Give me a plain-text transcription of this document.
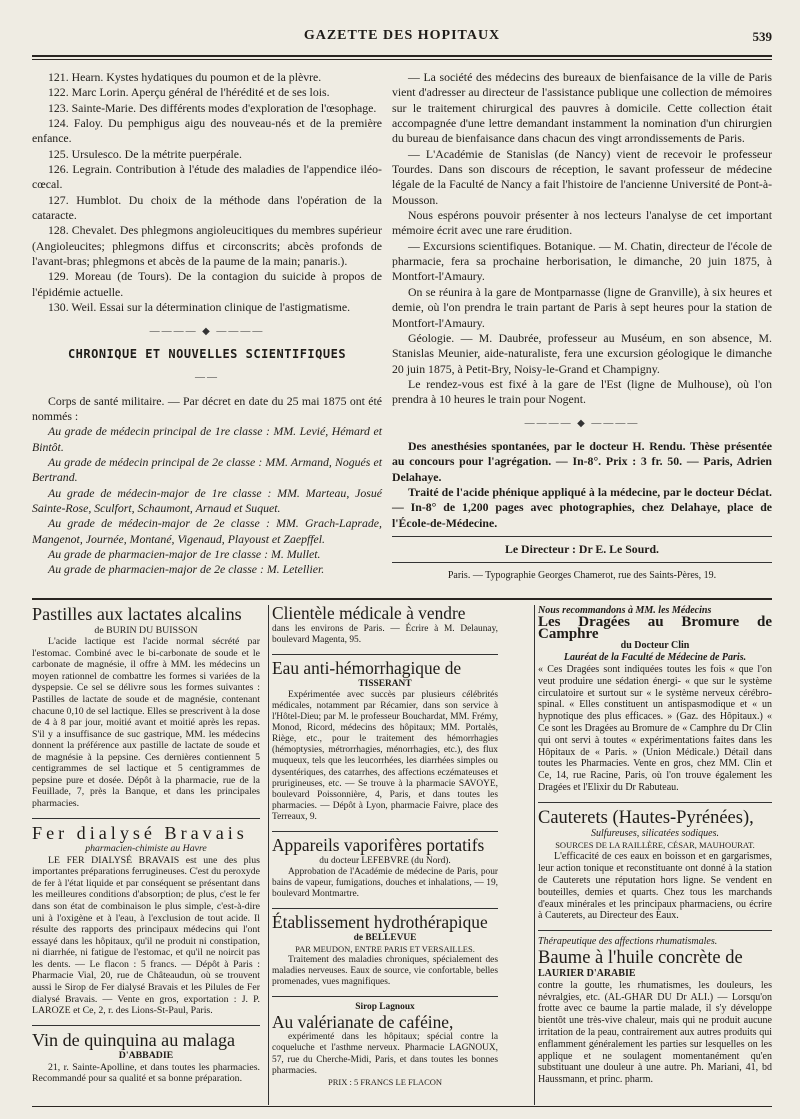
GAZETTE DES HOPITAUX	539

121. Hearn. Kystes hydatiques du poumon et de la plèvre.

122. Marc Lorin. Aperçu général de l'hérédité et de ses lois.

123. Sainte-Marie. Des différents modes d'exploration de l'œsophage.

124. Faloy. Du pemphigus aigu des nouveau-nés et de la première enfance.

125. Ursulesco. De la métrite puerpérale.

126. Legrain. Contribution à l'étude des maladies de l'appendice iléo-cœcal.

127. Humblot. Du choix de la méthode dans l'opération de la cataracte.

128. Chevalet. Des phlegmons angioleucitiques du membres supérieur (Angioleucites; phlegmons diffus et circonscrits; abcès profonds de l'avant-bras; phlegmons et abcès de la paume de la main; panaris.).

129. Moreau (de Tours). De la contagion du suicide à propos de l'épidémie actuelle.

130. Weil. Essai sur la détermination clinique de l'astigmatisme.

———— ◆ ————

CHRONIQUE ET NOUVELLES SCIENTIFIQUES

——

Corps de santé militaire. — Par décret en date du 25 mai 1875 ont été nommés :

Au grade de médecin principal de 1re classe : MM. Levié, Hémard et Bintôt.

Au grade de médecin principal de 2e classe : MM. Armand, Nogués et Bertrand.

Au grade de médecin-major de 1re classe : MM. Marteau, Josué Sainte-Rose, Sculfort, Schaumont, Arnaud et Suquet.

Au grade de médecin-major de 2e classe : MM. Grach-Laprade, Mangenot, Journée, Montané, Vigenaud, Playoust et Zaepffel.

Au grade de pharmacien-major de 1re classe : M. Mullet.

Au grade de pharmacien-major de 2e classe : M. Letellier.

— La société des médecins des bureaux de bienfaisance de la ville de Paris vient d'adresser au directeur de l'assistance publique une collection de mémoires sur le traitement chirurgical des pauvres à domicile. Cette collection était accompagnée d'une lettre demandant instamment la nomination d'un chirurgien du bureau de bienfaisance dans chacun des vingt arrondissements de Paris.

— L'Académie de Stanislas (de Nancy) vient de recevoir le professeur Tourdes. Dans son discours de réception, le savant professeur de médecine légale de la Faculté de Nancy a fait l'histoire de l'ancienne Université de Pont-à-Mousson.

Nous espérons pouvoir présenter à nos lecteurs l'analyse de cet important mémoire écrit avec une rare érudition.

— Excursions scientifiques. Botanique. — M. Chatin, directeur de l'école de pharmacie, fera sa prochaine herborisation, le dimanche, 20 juin 1875, à Montfort-l'Amaury.

On se réunira à la gare de Montparnasse (ligne de Granville), à six heures et demie, où l'on prendra le train partant de Paris à sept heures pour la station de Montfort-l'Amaury.

Géologie. — M. Daubrée, professeur au Muséum, en son absence, M. Stanislas Meunier, aide-naturaliste, fera une excursion géologique le dimanche 20 juin 1875, à Petit-Bry, Noisy-le-Grand et Champigny.

Le rendez-vous est fixé à la gare de l'Est (ligne de Mulhouse), où l'on prendra à 10 heures le train pour Nogent.

———— ◆ ————

Des anesthésies spontanées, par le docteur H. Rendu. Thèse présentée au concours pour l'agrégation. — In-8°. Prix : 3 fr. 50. — Paris, Adrien Delahaye.

Traité de l'acide phénique appliqué à la médecine, par le docteur Déclat. — In-8° de 1,200 pages avec photographies, chez Delahaye, place de l'École-de-Médecine.

Le Directeur : Dr E. Le Sourd.

Paris. — Typographie Georges Chamerot, rue des Saints-Pères, 19.

Pastilles aux lactates alcalins

de BURIN DU BUISSON

L'acide lactique est l'acide normal sécrété par l'estomac. Combiné avec le bi-carbonate de soude et le carbonate de magnésie, il offre à MM. les médecins un moyen rationnel de combattre les formes si variées de la dyspepsie. Ce sel se délivre sous les formes suivantes : Pastilles de lactate de soude et de magnésie, contenant chacune 0,10 de sel lactique. Elles se prescrivent à la dose de 4 à 8 par jour, moitié avant et moitié après les repas. S'il y a insuffisance de suc gastrique, MM. les médecins donnent la préférence aux pastille de lactate de soude et de magnésie à la pepsine. Ces dernières contiennent 5 centigrammes de sel lactique et 5 centigrammes de pepsine pure et dosée. Dépôt à la pharmacie, rue de la Feuillade, 7, près la Banque, et dans les principales pharmacies.

Fer dialysé Bravais

pharmacien-chimiste au Havre

LE FER DIALYSÉ BRAVAIS est une des plus importantes préparations ferrugineuses. C'est du peroxyde de fer à l'état liquide et par conséquent se présentant dans les meilleures conditions d'absorption; de plus, c'est le fer dans son état de combinaison le plus simple, c'est-à-dire uni à l'oxigène et à l'eau, à l'exclusion de tout acide. Il résulte des rapports des principaux médecins qui l'ont essayé dans les hôpitaux, qu'il ne produit ni constipation, ni diarrhée, ni fatigue de l'estomac, et qu'il ne noircit pas les dents. — Le flacon : 5 francs. — Dépôt à Paris : Pharmacie Vial, 20, rue de Châteaudun, où se trouvent aussi le Sirop de Fer dialysé Bravais et les Pilules de Fer dialysé Bravais. — Vente en gros, exportation : J. P. LAROZE et Ce, 2, r. des Lions-St-Paul, Paris.

Vin de quinquina au malaga

D'ABBADIE

21, r. Sainte-Apolline, et dans toutes les pharmacies. Recommandé pour sa qualité et sa bonne préparation.

Clientèle médicale à vendre

dans les environs de Paris. — Écrire à M. Delaunay, boulevard Magenta, 95.

Eau anti-hémorrhagique de

TISSERANT

Expérimentée avec succès par plusieurs célébrités médicales, notamment par Récamier, dans son service à l'Hôtel-Dieu; par M. le professeur Bouchardat, MM. Frémy, Monod, Ricord, médecins des hôpitaux; MM. Portalès, Riège, etc., pour le traitement des hémorrhagies (hémoptysies, métrorrhagies, ménorrhagies, etc.), des flux muqueux, tels que les leucorrhées, les diarrhées simples ou dysentériques, des catarrhes, des affections eczémateuses et prurigineuses, etc. — Se trouve à la pharmacie SAVOYE, boulevard Poissonnière, 4, Paris, et dans toutes les pharmacies. — Dépôt à Lyon, pharmacie Faivre, place des Terreaux, 9.

Appareils vaporifères portatifs

du docteur LEFEBVRE (du Nord).

Approbation de l'Académie de médecine de Paris, pour bains de vapeur, fumigations, douches et inhalations, — 19, boulevard Montmartre.

Établissement hydrothérapique

de BELLEVUE

PAR MEUDON, ENTRE PARIS ET VERSAILLES.

Traitement des maladies chroniques, spécialement des maladies nerveuses. Eaux de source, vie confortable, belles promenades, vues magnifiques.

Sirop Lagnoux

Au valérianate de caféine,

expérimenté dans les hôpitaux; spécial contre la coqueluche et l'asthme nerveux. Pharmacie LAGNOUX, 57, rue du Cherche-Midi, Paris, et dans toutes les bonnes pharmacies.

PRIX : 5 FRANCS LE FLACON

Nous recommandons à MM. les Médecins

Les Dragées au Bromure de Camphre

du Docteur Clin

Lauréat de la Faculté de Médecine de Paris.

« Ces Dragées sont indiquées toutes les fois « que l'on veut produire une sédation énergi- « que sur le système circulatoire et surtout sur « le système nerveux cérébro-spinal. « Elles constituent un antispasmodique et « un hypnotique des plus efficaces. » (Gaz. des Hôpitaux.) « Ce sont les Dragées au Bromure de « Camphre du Dr Clin qui ont servi à toutes « expérimentations faites dans les Hôpitaux de « Paris. » (Union Médicale.) Détail dans toutes les Pharmacies. Vente en gros, chez MM. Clin et Ce, 14, rue Racine, Paris, où l'on trouve également les Dragées et l'Elixir du Dr Rabuteau.

Cauterets (Hautes-Pyrénées),

Sulfureuses, silicatées sodiques.

SOURCES DE LA RAILLÈRE, CÉSAR, MAUHOURAT.

L'efficacité de ces eaux en boisson et en gargarismes, leur action tonique et reconstituante ont donné à la station de Cauterets une réputation hors ligne. Se vendent en bouteilles, demies et quarts. Chez tous les marchands d'eaux minérales et les principaux pharmaciens, ou écrire à Cauterets, au Directeur des Eaux.

Thérapeutique des affections rhumatismales.

Baume à l'huile concrète de

LAURIER D'ARABIE

contre la goutte, les rhumatismes, les douleurs, les névralgies, etc. (AL-GHAR DU Dr ALI.) — Lorsqu'on frotte avec ce baume la partie malade, il s'y développe bientôt une très-vive chaleur, mais qui ne produit aucune irritation de la peau, contrairement aux autres produits qui enflamment généralement les parties sur lesquelles on les applique et ne soulagent momentanément qu'en substituant une douleur à une autre. Ph. Mariani, 41, bd Haussmann, et princ. pharm.
